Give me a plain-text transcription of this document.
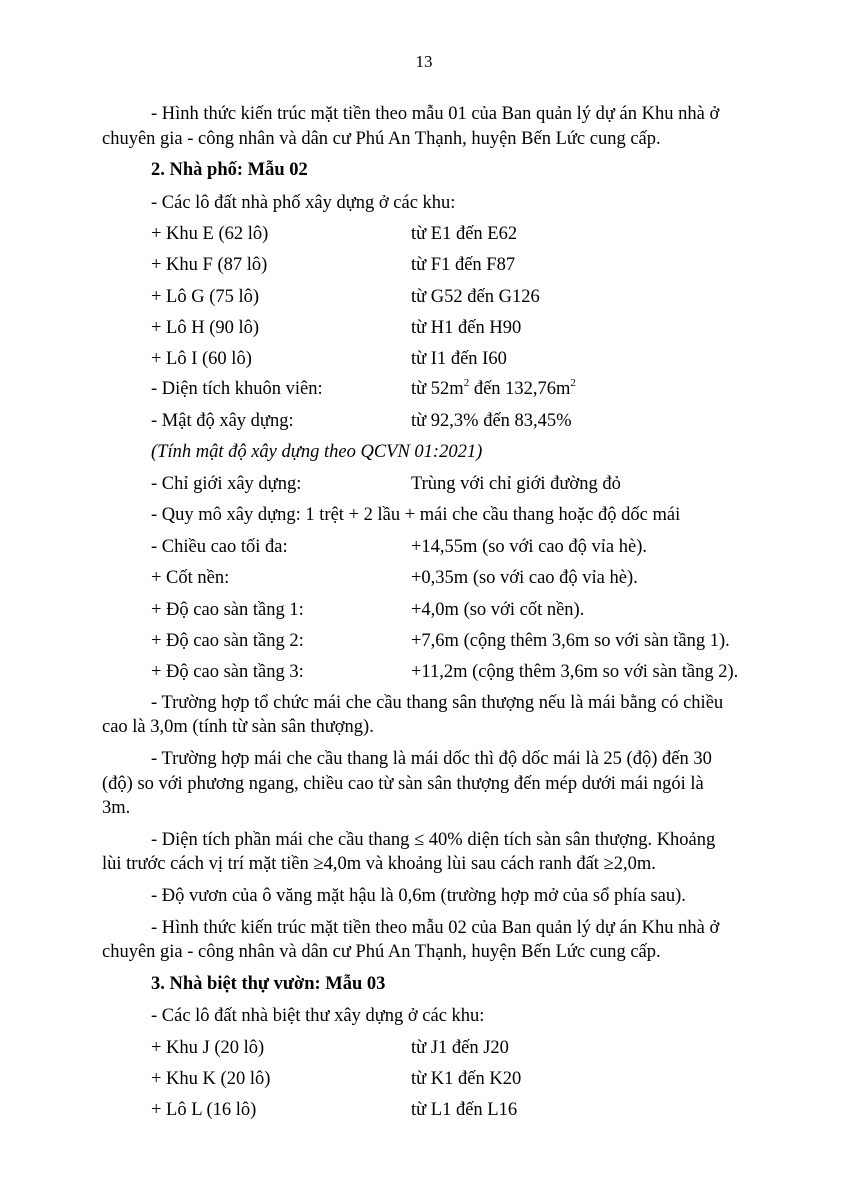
13
- Hình thức kiến trúc mặt tiền theo mẫu 01 của Ban quản lý dự án Khu nhà ở
chuyên gia - công nhân và dân cư Phú An Thạnh, huyện Bến Lức cung cấp.
2. Nhà phố: Mẫu 02
- Các lô đất nhà phố xây dựng ở các khu:
+ Khu E (62 lô)	từ E1 đến E62
+ Khu F (87 lô)	từ F1 đến F87
+ Lô G (75 lô)	từ G52 đến G126
+ Lô H (90 lô)	từ H1 đến H90
+ Lô I (60 lô)	từ I1 đến I60
- Diện tích khuôn viên:	từ $52m^2$ đến $132,76m^2$
- Mật độ xây dựng:	từ 92,3% đến 83,45%
(Tính mật độ xây dựng theo QCVN 01:2021)
- Chỉ giới xây dựng:	Trùng với chỉ giới đường đỏ
- Quy mô xây dựng: 1 trệt + 2 lầu + mái che cầu thang hoặc độ dốc mái
- Chiều cao tối đa:	+14,55m (so với cao độ vỉa hè).
+ Cốt nền:	+0,35m (so với cao độ vỉa hè).
+ Độ cao sàn tầng 1:	+4,0m (so với cốt nền).
+ Độ cao sàn tầng 2:	+7,6m (cộng thêm 3,6m so với sàn tầng 1).
+ Độ cao sàn tầng 3:	+11,2m (cộng thêm 3,6m so với sàn tầng 2).
- Trường hợp tổ chức mái che cầu thang sân thượng nếu là mái bằng có chiều
cao là 3,0m (tính từ sàn sân thượng).
- Trường hợp mái che cầu thang là mái dốc thì độ dốc mái là 25 (độ) đến 30
(độ) so với phương ngang, chiều cao từ sàn sân thượng đến mép dưới mái ngói là
3m.
- Diện tích phần mái che cầu thang ≤ 40% diện tích sàn sân thượng. Khoảng
lùi trước cách vị trí mặt tiền ≥4,0m và khoảng lùi sau cách ranh đất ≥2,0m.
- Độ vươn của ô văng mặt hậu là 0,6m (trường hợp mở của sổ phía sau).
- Hình thức kiến trúc mặt tiền theo mẫu 02 của Ban quản lý dự án Khu nhà ở
chuyên gia - công nhân và dân cư Phú An Thạnh, huyện Bến Lức cung cấp.
3. Nhà biệt thự vườn: Mẫu 03
- Các lô đất nhà biệt thư xây dựng ở các khu:
+ Khu J (20 lô)	từ J1 đến J20
+ Khu K (20 lô)	từ K1 đến K20
+ Lô L (16 lô)	từ L1 đến L16
